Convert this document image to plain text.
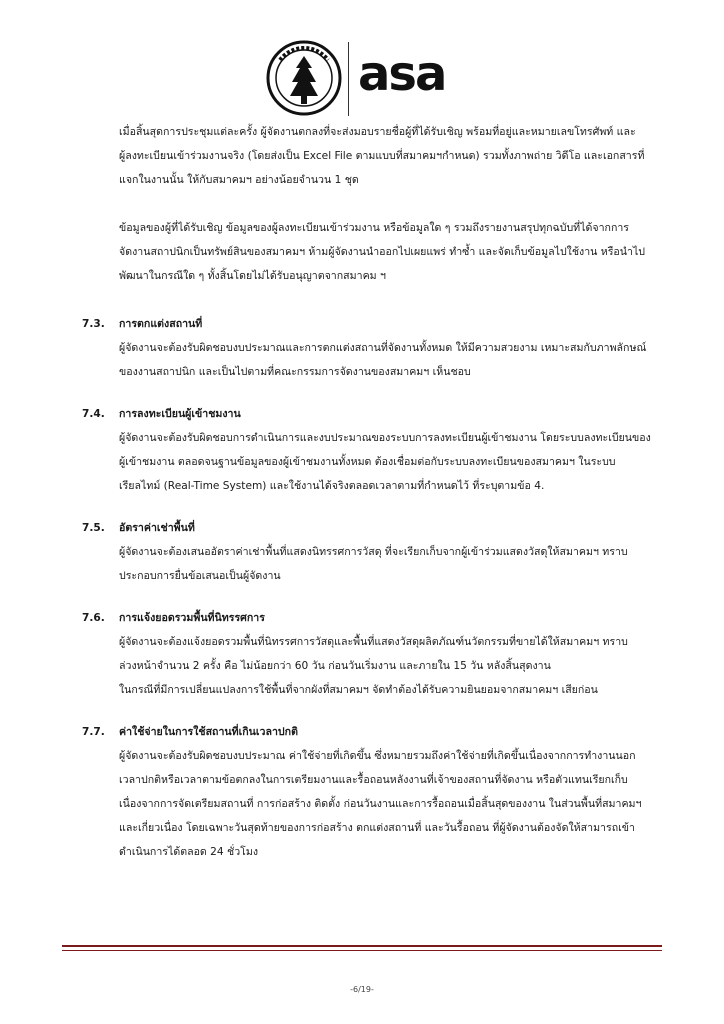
asa
เมื่อสิ้นสุดการประชุมแต่ละครั้ง ผู้จัดงานตกลงที่จะส่งมอบรายชื่อผู้ที่ได้รับเชิญ พร้อมที่อยู่และหมายเลขโทรศัพท์ และ
ผู้ลงทะเบียนเข้าร่วมงานจริง (โดยส่งเป็น Excel File ตามแบบที่สมาคมฯกำหนด) รวมทั้งภาพถ่าย วิดีโอ และเอกสารที่
แจกในงานนั้น ให้กับสมาคมฯ อย่างน้อยจำนวน 1 ชุด
ข้อมูลของผู้ที่ได้รับเชิญ ข้อมูลของผู้ลงทะเบียนเข้าร่วมงาน หรือข้อมูลใด ๆ รวมถึงรายงานสรุปทุกฉบับที่ได้จากการ
จัดงานสถาปนิกเป็นทรัพย์สินของสมาคมฯ ห้ามผู้จัดงานนำออกไปเผยแพร่ ทำซ้ำ และจัดเก็บข้อมูลไปใช้งาน หรือนำไป
พัฒนาในกรณีใด ๆ ทั้งสิ้นโดยไม่ได้รับอนุญาตจากสมาคม ฯ
7.3.	การตกแต่งสถานที่
ผู้จัดงานจะต้องรับผิดชอบงบประมาณและการตกแต่งสถานที่จัดงานทั้งหมด ให้มีความสวยงาม เหมาะสมกับภาพลักษณ์
ของงานสถาปนิก และเป็นไปตามที่คณะกรรมการจัดงานของสมาคมฯ เห็นชอบ
7.4.	การลงทะเบียนผู้เข้าชมงาน
ผู้จัดงานจะต้องรับผิดชอบการดำเนินการและงบประมาณของระบบการลงทะเบียนผู้เข้าชมงาน โดยระบบลงทะเบียนของ
ผู้เข้าชมงาน ตลอดจนฐานข้อมูลของผู้เข้าชมงานทั้งหมด ต้องเชื่อมต่อกับระบบลงทะเบียนของสมาคมฯ ในระบบ
เรียลไทม์ (Real-Time System) และใช้งานได้จริงตลอดเวลาตามที่กำหนดไว้ ที่ระบุตามข้อ 4.
7.5.	อัตราค่าเช่าพื้นที่
ผู้จัดงานจะต้องเสนออัตราค่าเช่าพื้นที่แสดงนิทรรศการวัสดุ ที่จะเรียกเก็บจากผู้เข้าร่วมแสดงวัสดุให้สมาคมฯ ทราบ
ประกอบการยื่นข้อเสนอเป็นผู้จัดงาน
7.6.	การแจ้งยอดรวมพื้นที่นิทรรศการ
ผู้จัดงานจะต้องแจ้งยอดรวมพื้นที่นิทรรศการวัสดุและพื้นที่แสดงวัสดุผลิตภัณฑ์นวัตกรรมที่ขายได้ให้สมาคมฯ ทราบ
ล่วงหน้าจำนวน 2 ครั้ง คือ ไม่น้อยกว่า 60 วัน ก่อนวันเริ่มงาน และภายใน 15 วัน หลังสิ้นสุดงาน
ในกรณีที่มีการเปลี่ยนแปลงการใช้พื้นที่จากผังที่สมาคมฯ จัดทำต้องได้รับความยินยอมจากสมาคมฯ เสียก่อน
7.7.	ค่าใช้จ่ายในการใช้สถานที่เกินเวลาปกติ
ผู้จัดงานจะต้องรับผิดชอบงบประมาณ ค่าใช้จ่ายที่เกิดขึ้น ซึ่งหมายรวมถึงค่าใช้จ่ายที่เกิดขึ้นเนื่องจากการทำงานนอก
เวลาปกติหรือเวลาตามข้อตกลงในการเตรียมงานและรื้อถอนหลังงานที่เจ้าของสถานที่จัดงาน หรือตัวแทนเรียกเก็บ
เนื่องจากการจัดเตรียมสถานที่ การก่อสร้าง ติดตั้ง ก่อนวันงานและการรื้อถอนเมื่อสิ้นสุดของงาน ในส่วนพื้นที่สมาคมฯ
และเกี่ยวเนื่อง โดยเฉพาะวันสุดท้ายของการก่อสร้าง ตกแต่งสถานที่ และวันรื้อถอน ที่ผู้จัดงานต้องจัดให้สามารถเข้า
ดำเนินการได้ตลอด 24 ชั่วโมง
-6/19-
